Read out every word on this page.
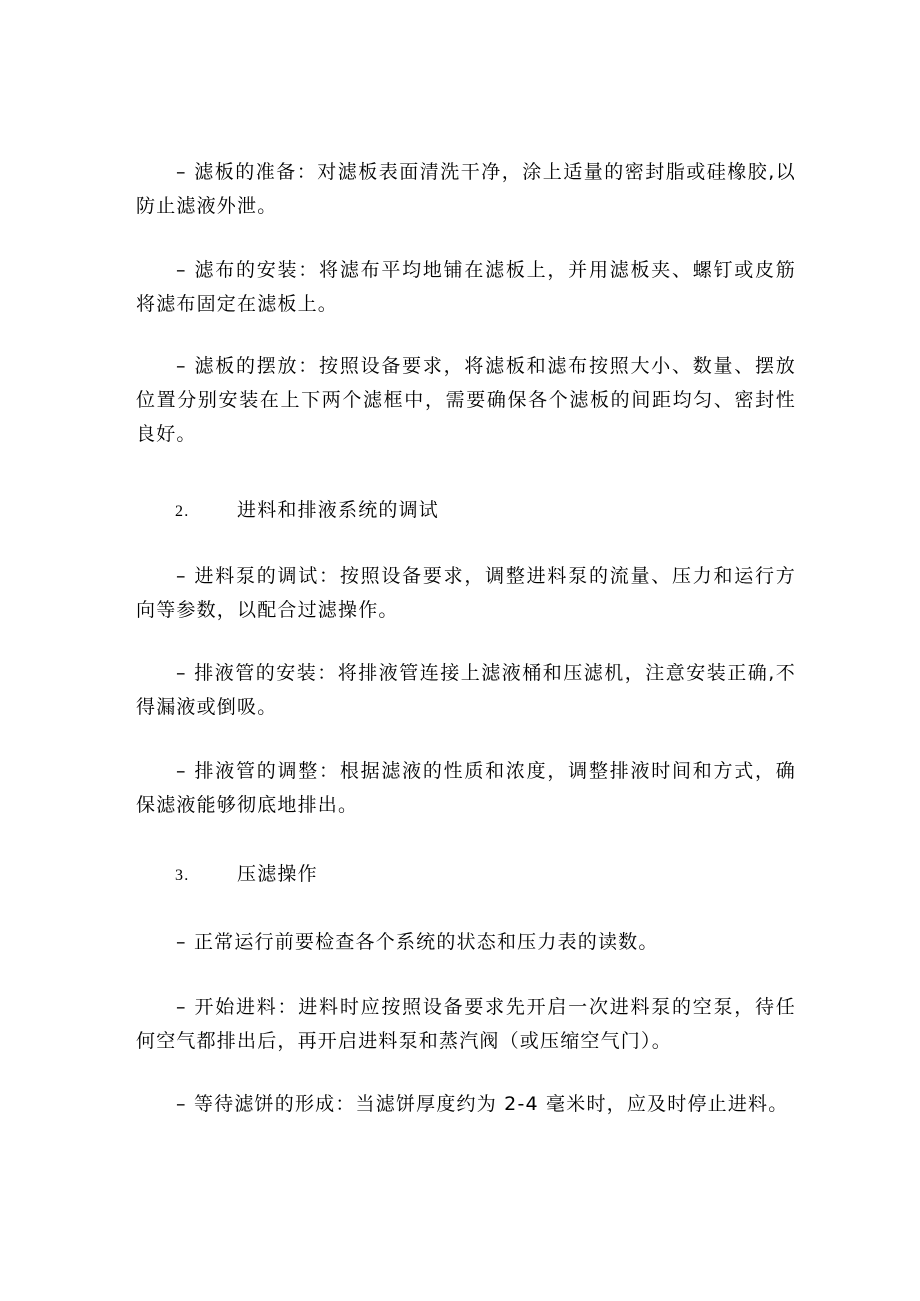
– 滤板的准备：对滤板表面清洗干净，涂上适量的密封脂或硅橡胶,以防止滤液外泄。

– 滤布的安装：将滤布平均地铺在滤板上，并用滤板夹、螺钉或皮筋将滤布固定在滤板上。

– 滤板的摆放：按照设备要求，将滤板和滤布按照大小、数量、摆放位置分别安装在上下两个滤框中，需要确保各个滤板的间距均匀、密封性良好。

2.	进料和排液系统的调试

– 进料泵的调试：按照设备要求，调整进料泵的流量、压力和运行方向等参数，以配合过滤操作。

– 排液管的安装：将排液管连接上滤液桶和压滤机，注意安装正确,不得漏液或倒吸。

– 排液管的调整：根据滤液的性质和浓度，调整排液时间和方式，确保滤液能够彻底地排出。

3.	压滤操作

– 正常运行前要检查各个系统的状态和压力表的读数。

– 开始进料：进料时应按照设备要求先开启一次进料泵的空泵，待任何空气都排出后，再开启进料泵和蒸汽阀（或压缩空气门）。

– 等待滤饼的形成：当滤饼厚度约为 2-4 毫米时，应及时停止进料。
